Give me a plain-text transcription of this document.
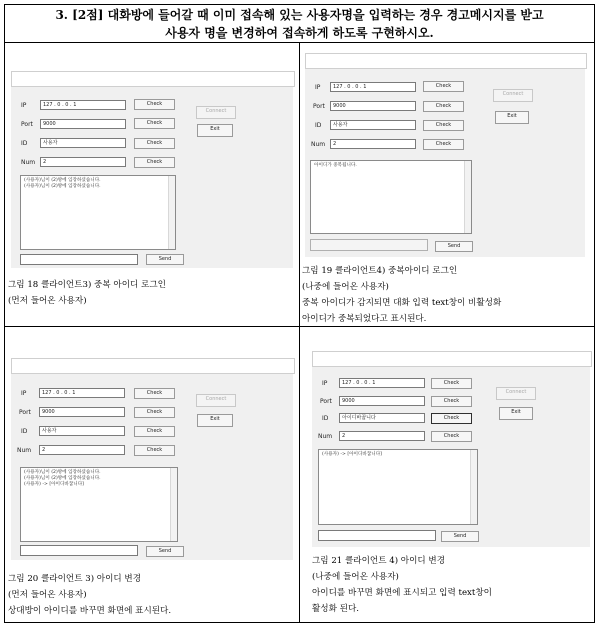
3. [2점] 대화방에 들어갈 때 이미 접속해 있는 사용자명을 입력하는 경우 경고메시지를 받고
사용자 명을 변경하여 접속하게 하도록 구현하시오.
IP	127 . 0 . 0 . 1	Check
Port	9000	Check
ID	사용자	Check
Num	2	Check
(사용자)님이 (2)방에 입장하셨습니다.
(사용자)님이 (2)방에 입장하셨습니다.
Send
Connect
Exit
그림 18 클라이언트3) 중복 아이디 로그인
(먼저 들어온 사용자)
IP	127 . 0 . 0 . 1	Check
Port	9000	Check
ID	사용자	Check
Num	2	Check
아이디가 중복됩니다.
Send
Connect
Exit
그림 19 클라이언트4) 중복아이디 로그인
(나중에 들어온 사용자)
중복 아이디가 감지되면 대화 입력 text창이 비활성화
아이디가 중복되었다고 표시된다.
IP	127 . 0 . 0 . 1	Check
Port	9000	Check
ID	사용자	Check
Num	2	Check
(사용자)님이 (2)방에 입장하셨습니다.
(사용자)님이 (2)방에 입장하셨습니다.
(사용자) -> [아이디바꿉니다]
Send
Connect
Exit
그림 20 클라이언트 3) 아이디 변경
(먼저 들어온 사용자)
상대방이 아이디를 바꾸면 화면에 표시된다.
IP	127 . 0 . 0 . 1	Check
Port	9000	Check
ID	아이디바꿉니다	Check
Num	2	Check
(사용자) -> [아이디바꿉니다]
Send
Connect
Exit
그림 21 클라이언트 4) 아이디 변경
(나중에 들어온 사용자)
아이디를 바꾸면 화면에 표시되고 입력 text창이
활성화 된다.
